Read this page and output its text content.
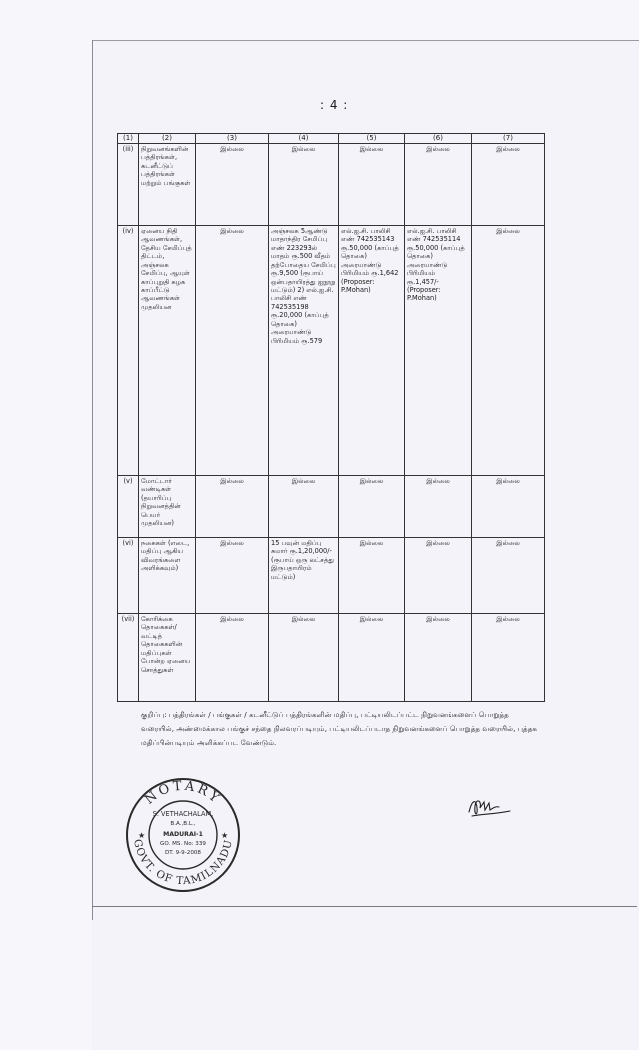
: 4 :
(1)	(2)	(3)	(4)	(5)	(6)	(7)
(iii)	நிறுவனங்களின் பத்திரங்கள், கடனீட்டுப் பத்திரங்கள் மற்றும் பங்குகள்	இல்லை	இல்லை	இல்லை	இல்லை	இல்லை
(iv)	ஏனைய நிதி ஆவணங்கள், தேசிய சேமிப்புத் திட்டம், அஞ்சலக சேமிப்பு, ஆயுள் காப்புறுதி கழக காப்பீட்டு ஆவணங்கள் முதலியன	இல்லை	அஞ்சலக 5ஆண்டு மாதாந்திர சேமிப்பு எண் 223293ல் மாதம் ரூ.500 வீதம் தற்போதைய சேமிப்பு ரூ.9,500 (ரூபாய் ஒன்பதாயிரத்து ஐநூறு மட்டும்) 2) எல்.ஐ.சி. பாலிசி எண் 742535198 ரூ.20,000 (காப்புத் தொகை) அரையாண்டு பிரிமியம் ரூ.579	எல்.ஐ.சி. பாலிசி எண் 742535143 ரூ.50,000 (காப்புத் தொகை) அரையாண்டு பிரிமியம் ரூ.1,642 (Proposer: P.Mohan)	எல்.ஐ.சி. பாலிசி எண் 742535114 ரூ.50,000 (காப்புத் தொகை) அரையாண்டு பிரிமியம் ரூ.1,457/- (Proposer: P.Mohan)	இல்லை
(v)	மோட்டார் வண்டிகள் (தயாரிப்பு நிறுவனத்தின் பெயர் முதலியன)	இல்லை	இல்லை	இல்லை	இல்லை	இல்லை
(vi)	நகைகள் (எடை, மதிப்பு ஆகிய விவரங்களை அளிக்கவும்)	இல்லை	15 பவுன் மதிப்பு சுமார் ரூ.1,20,000/- (ரூபாய் ஒரு லட்சத்து இருபதாயிரம் மட்டும்)	இல்லை	இல்லை	இல்லை
(vii)	கோரிக்கை தொகைகள்/ வட்டித் தொகைகளின் மதிப்புகள் போன்ற ஏனைய சொத்துகள்	இல்லை	இல்லை	இல்லை	இல்லை	இல்லை
குறிப்பு: பத்திரங்கள் / பங்குகள் / கடனீட்டுப் பத்திரங்களின் மதிப்பு, பட்டியலிடப்பட்ட நிறுவனங்களைப் பொறுத்த வரையில், அண்மைக்கால பங்குச் சந்தை நிலவரப்படியும், பட்டியலிடப்படாத நிறுவனங்களைப் பொறுத்த வரையில், புத்தக மதிப்பின்படியும் அளிக்கப்பட வேண்டும்.
NOTARY
GOVT. OF TAMILNADU
★	★
S. VETHACHALAM,
B.A.,B.L.,
MADURAI-1
GO. MS. No: 339
DT. 9-9-2008
